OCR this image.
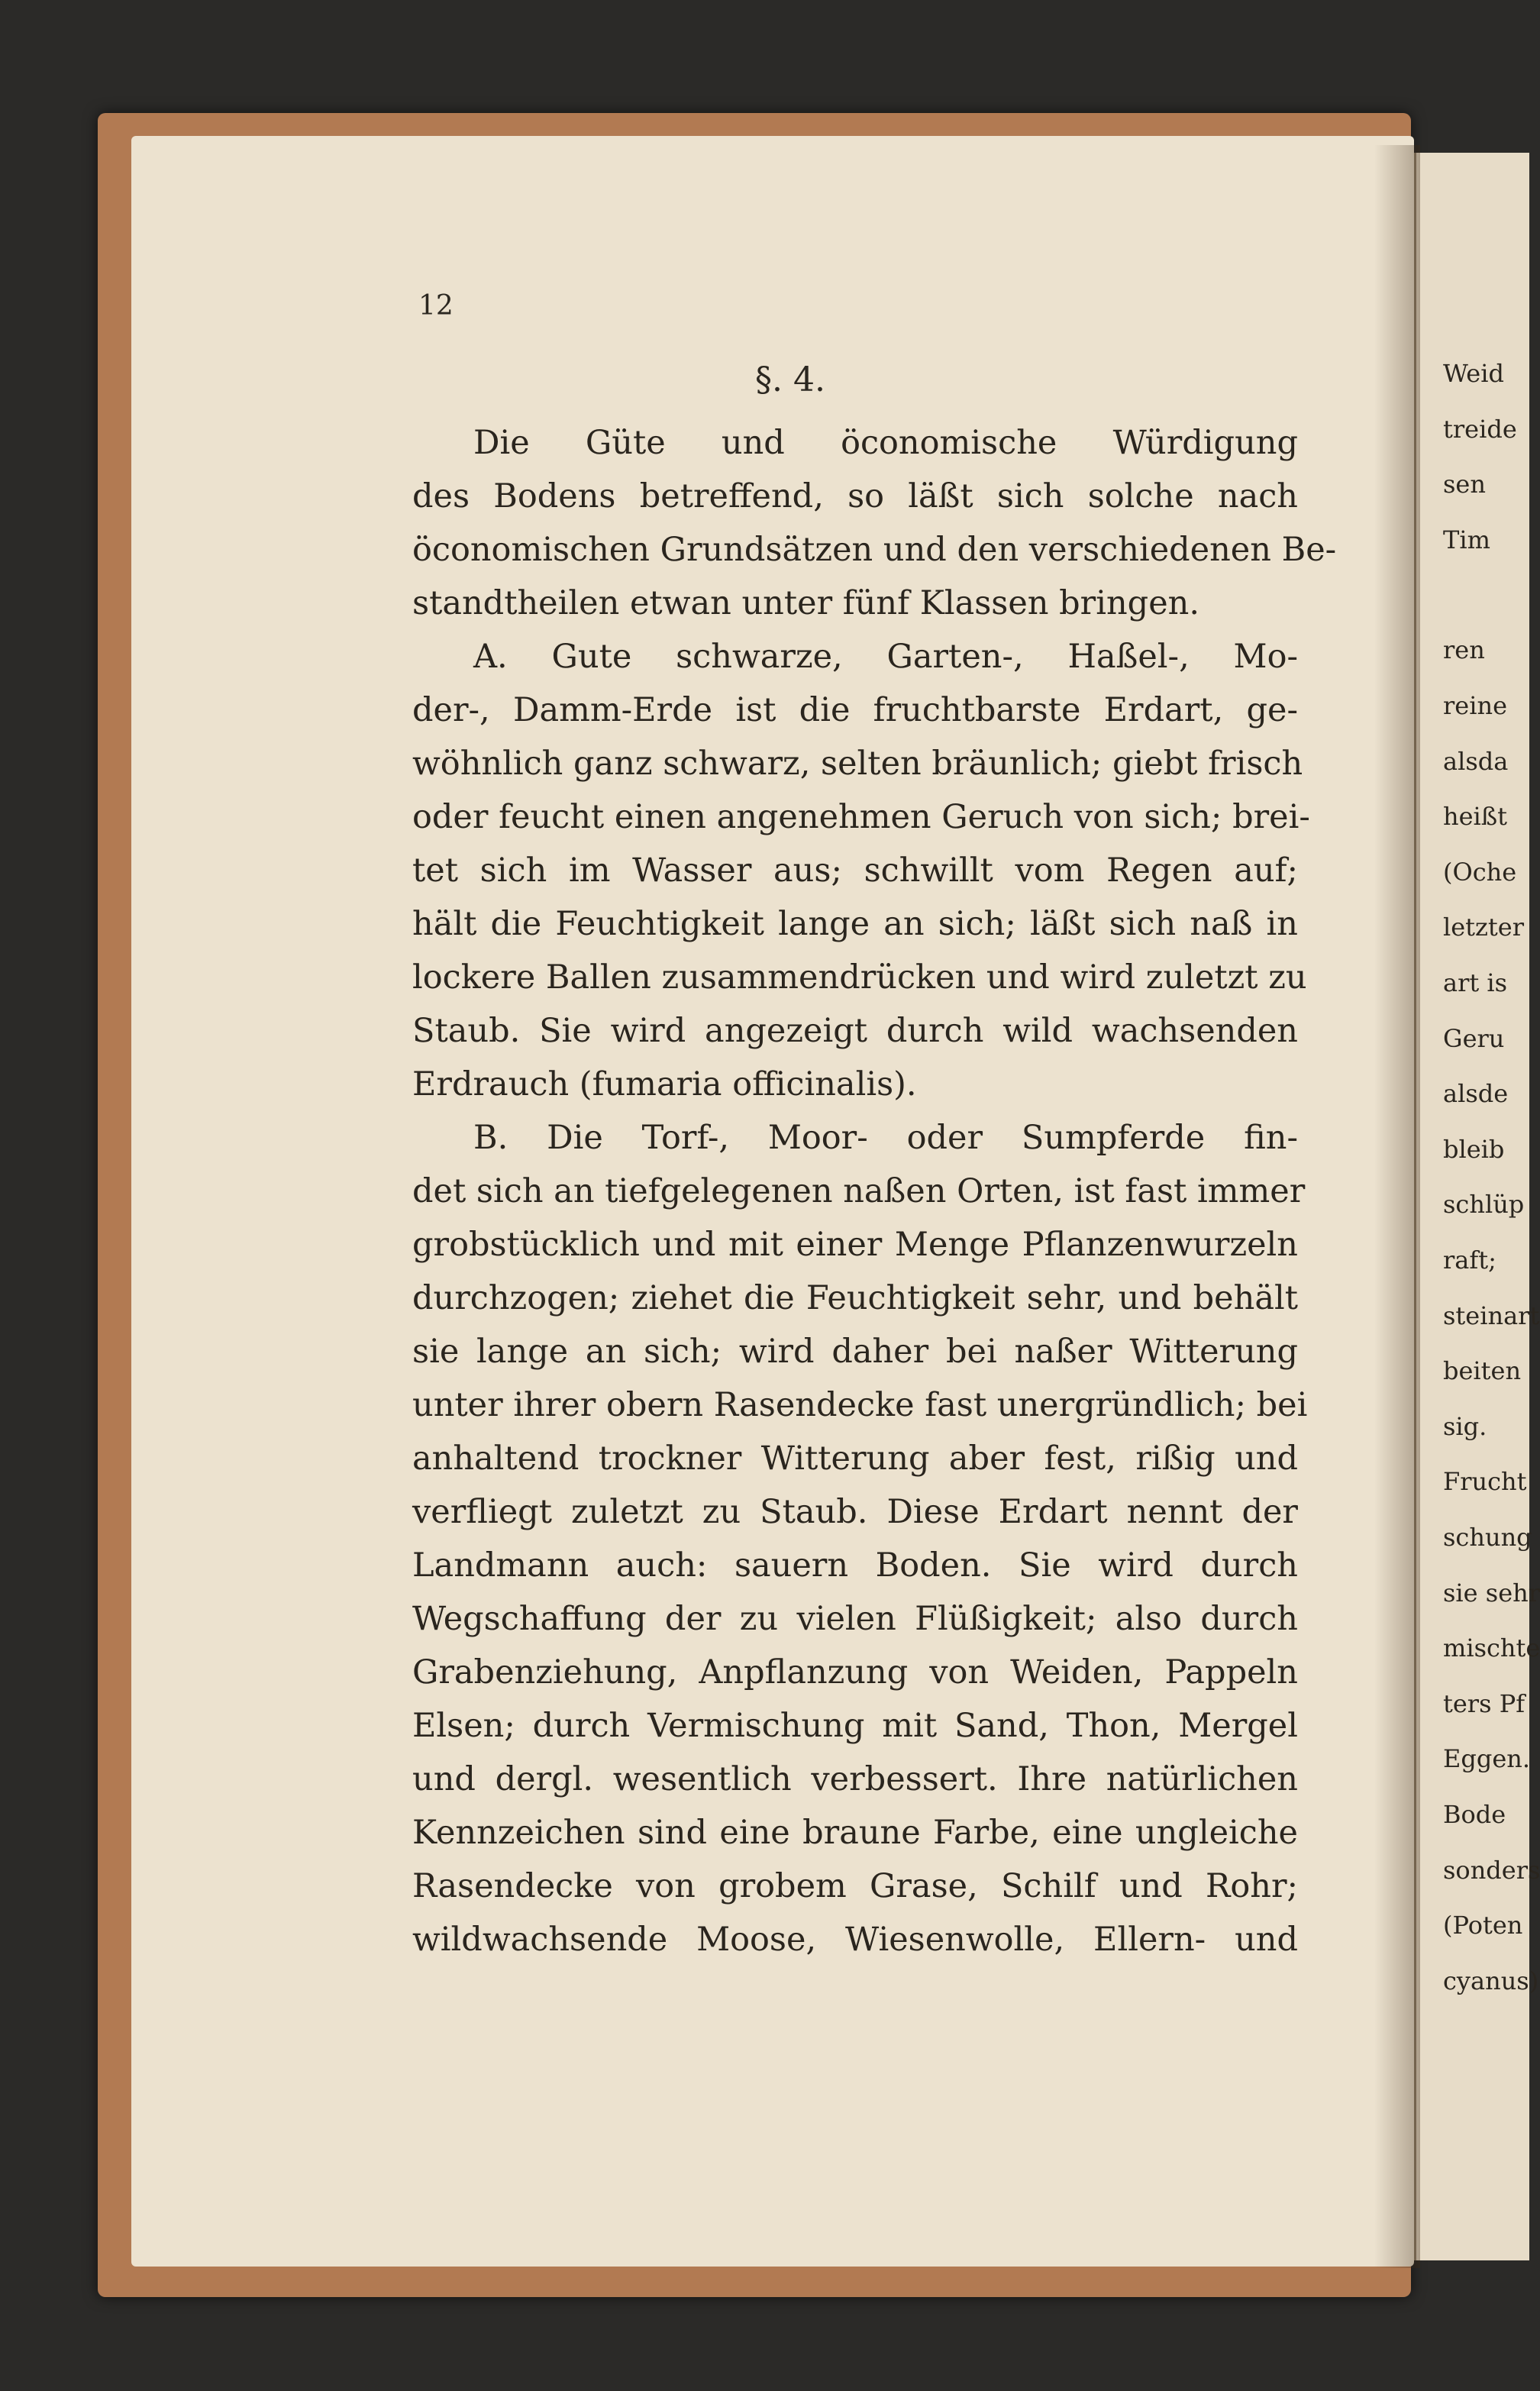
12
§. 4.
Die Güte und öconomische Würdigung
des Bodens betreffend, so läßt sich solche nach
öconomischen Grundsätzen und den verschiedenen Be-
standtheilen etwan unter fünf Klassen bringen.
A. Gute schwarze, Garten-, Haßel-, Mo-
der-, Damm-Erde ist die fruchtbarste Erdart, ge-
wöhnlich ganz schwarz, selten bräunlich; giebt frisch
oder feucht einen angenehmen Geruch von sich; brei-
tet sich im Wasser aus; schwillt vom Regen auf;
hält die Feuchtigkeit lange an sich; läßt sich naß in
lockere Ballen zusammendrücken und wird zuletzt zu
Staub. Sie wird angezeigt durch wild wachsenden
Erdrauch (fumaria officinalis).
B. Die Torf-, Moor- oder Sumpferde fin-
det sich an tiefgelegenen naßen Orten, ist fast immer
grobstücklich und mit einer Menge Pflanzenwurzeln
durchzogen; ziehet die Feuchtigkeit sehr, und behält
sie lange an sich; wird daher bei naßer Witterung
unter ihrer obern Rasendecke fast unergründlich; bei
anhaltend trockner Witterung aber fest, rißig und
verfliegt zuletzt zu Staub. Diese Erdart nennt der
Landmann auch: sauern Boden. Sie wird durch
Wegschaffung der zu vielen Flüßigkeit; also durch
Grabenziehung, Anpflanzung von Weiden, Pappeln
Elsen; durch Vermischung mit Sand, Thon, Mergel
und dergl. wesentlich verbessert. Ihre natürlichen
Kennzeichen sind eine braune Farbe, eine ungleiche
Rasendecke von grobem Grase, Schilf und Rohr;
wildwachsende Moose, Wiesenwolle, Ellern- und
Weid
treide
sen
Tim
ren
reine
alsda
heißt
(Oche
letzter
art is
Geru
alsde
bleib
schlüp
raft;
steinart
beiten
sig.
Frucht
schung
sie sehr
mischte
ters Pf
Eggen.
Bode
sonders
(Poten
cyanus)
